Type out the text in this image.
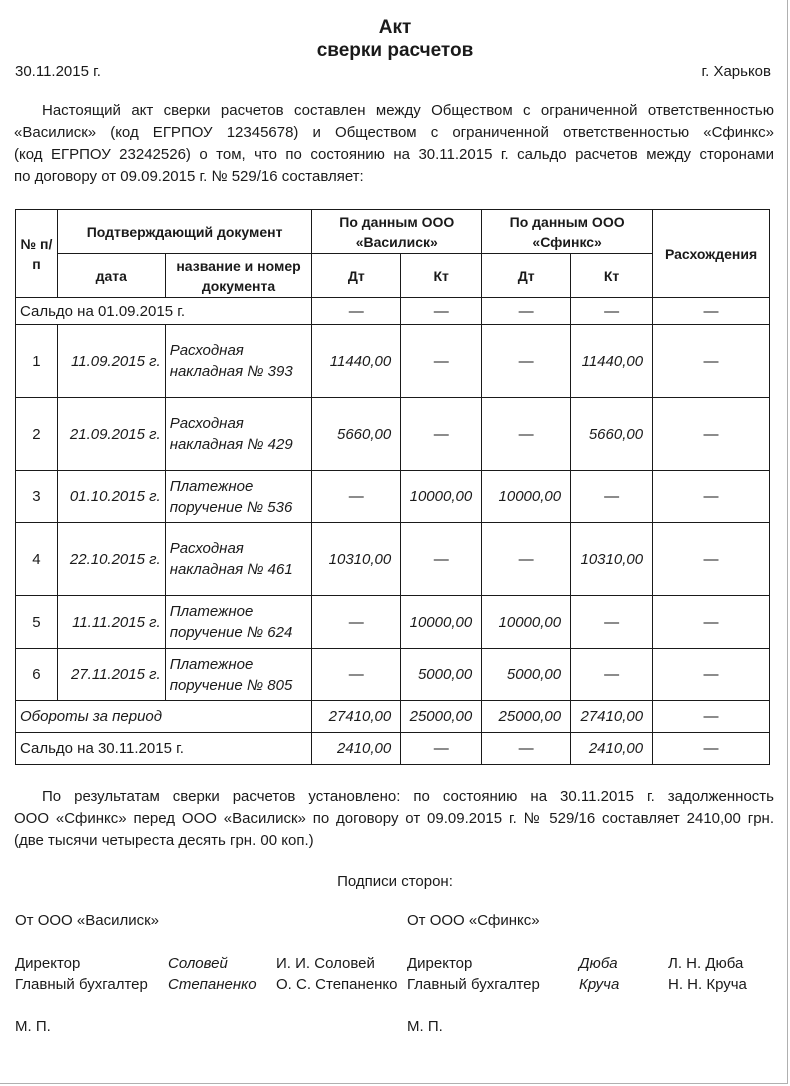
Акт
сверки расчетов
30.11.2015 г.	г. Харьков
Настоящий акт сверки расчетов составлен между Обществом с ограниченной ответственностью
«Василиск» (код ЕГРПОУ 12345678) и Обществом с ограниченной ответственностью «Сфинкс»
(код ЕГРПОУ 23242526) о том, что по состоянию на 30.11.2015 г. сальдо расчетов между сторонами
по договору от 09.09.2015 г. № 529/16 составляет:
№ п/п	Подтверждающий документ		По данным ООО «Василиск»		По данным ООО «Сфинкс»		Расхождения
	дата	название и номер документа	Дт	Кт	Дт	Кт	
Сальдо на 01.09.2015 г.			—	—	—	—	—
1	11.09.2015 г.	Расходная накладная № 393	11440,00	—	—	11440,00	—
2	21.09.2015 г.	Расходная накладная № 429	5660,00	—	—	5660,00	—
3	01.10.2015 г.	Платежное поручение № 536	—	10000,00	10000,00	—	—
4	22.10.2015 г.	Расходная накладная № 461	10310,00	—	—	10310,00	—
5	11.11.2015 г.	Платежное поручение № 624	—	10000,00	10000,00	—	—
6	27.11.2015 г.	Платежное поручение № 805	—	5000,00	5000,00	—	—
Обороты за период			27410,00	25000,00	25000,00	27410,00	—
Сальдо на 30.11.2015 г.			2410,00	—	—	2410,00	—
По результатам сверки расчетов установлено: по состоянию на 30.11.2015 г. задолженность
ООО «Сфинкс» перед ООО «Василиск» по договору от 09.09.2015 г. № 529/16 составляет 2410,00 грн.
(две тысячи четыреста десять грн. 00 коп.)
Подписи сторон:
От ООО «Василиск»
Директор	Соловей	И. И. Соловей
Главный бухгалтер Степаненко О. С. Степаненко
М. П.
От ООО «Сфинкс»
Директор	Дюба	Л. Н. Дюба
Главный бухгалтер	Круча	Н. Н. Круча
М. П.
